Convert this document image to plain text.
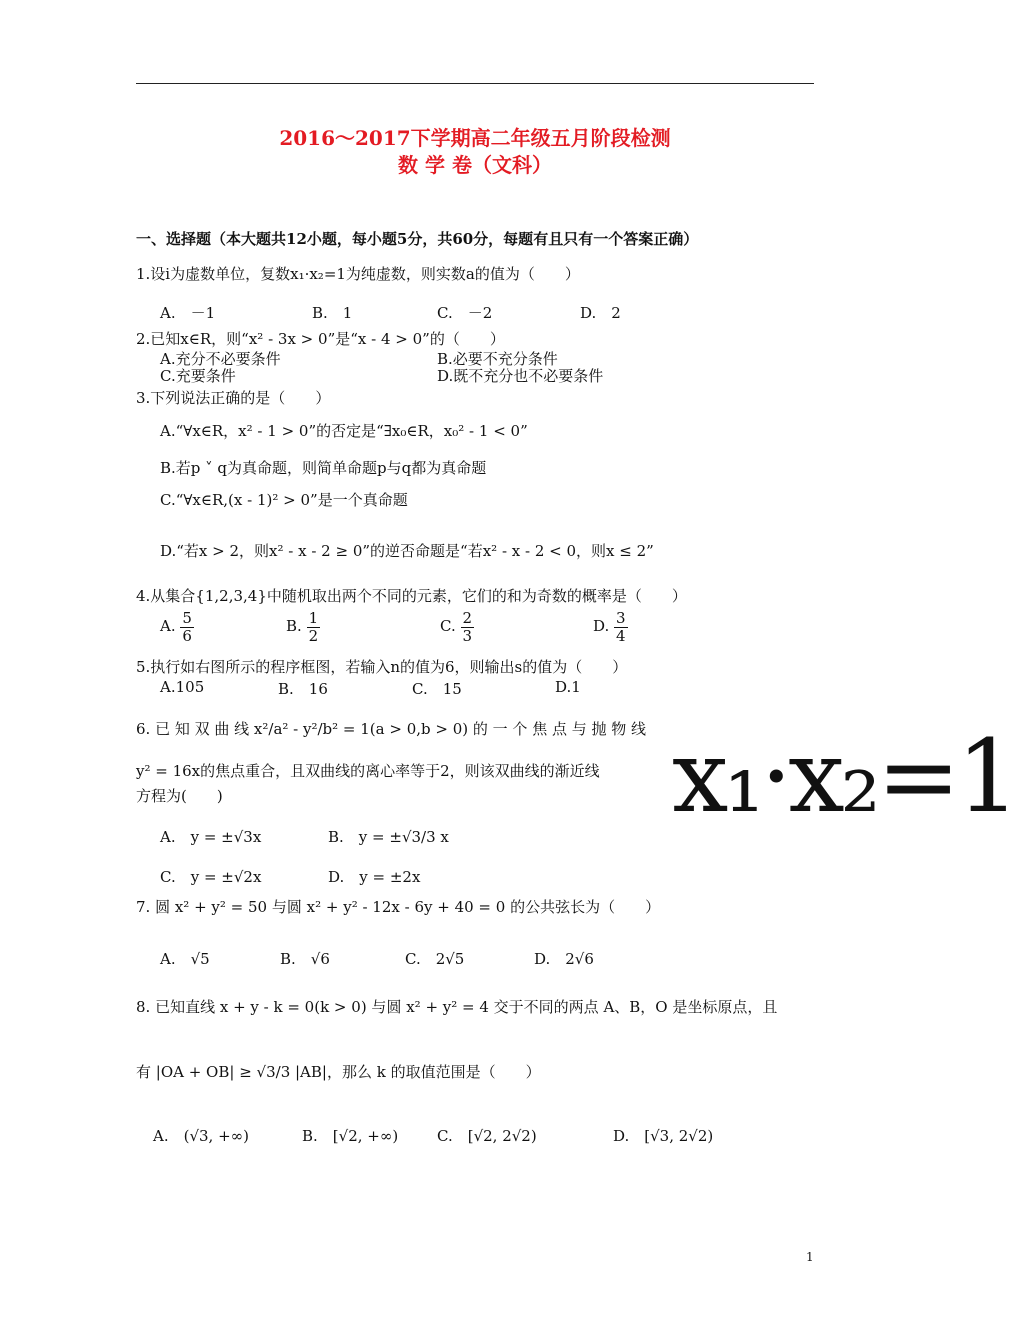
2016～2017下学期高二年级五月阶段检测
数 学 卷（文科）
一、选择题（本大题共12小题，每小题5分，共60分，每题有且只有一个答案正确）
1.设i为虚数单位，复数x₁·x₂=1为纯虚数，则实数a的值为（　　）
A.　－1	B.　1	C.　－2	D.　2
2.已知x∈R，则“x² - 3x > 0”是“x - 4 > 0”的（　　）
A.充分不必要条件	B.必要不充分条件
C.充要条件	D.既不充分也不必要条件
3.下列说法正确的是（　　）
A.“∀x∈R，x² - 1 > 0”的否定是“∃x₀∈R，x₀² - 1 < 0”
B.若p ˅ q为真命题，则简单命题p与q都为真命题
C.“∀x∈R,(x - 1)² > 0”是一个真命题
D.“若x > 2，则x² - x - 2 ≥ 0”的逆否命题是“若x² - x - 2 < 0，则x ≤ 2”
4.从集合{1,2,3,4}中随机取出两个不同的元素，它们的和为奇数的概率是（　　）
A. $\frac{5}{6}$	B. $\frac{1}{2}$	C. $\frac{2}{3}$	D. $\frac{3}{4}$
5.执行如右图所示的程序框图，若输入n的值为6，则输出s的值为（　　）
A.105	B.　16	C.　15	D.1
6. 已 知 双 曲 线 x²/a² - y²/b² = 1(a > 0,b > 0) 的 一 个 焦 点 与 抛 物 线
y² = 16x的焦点重合，且双曲线的离心率等于2，则该双曲线的渐近线
方程为(　　)
A.　y = ±√3x	B.　y = ±√3/3 x
C.　y = ±√2x	D.　y = ±2x
x₁·x₂=1
7. 圆 x² + y² = 50 与圆 x² + y² - 12x - 6y + 40 = 0 的公共弦长为（　　）
A.　√5	B.　√6	C.　2√5	D.　2√6
8. 已知直线 x + y - k = 0(k > 0) 与圆 x² + y² = 4 交于不同的两点 A、B，O 是坐标原点，且
有 |OA + OB| ≥ √3/3 |AB|，那么 k 的取值范围是（　　）
A.　(√3, +∞)	B.　[√2, +∞)	C.　[√2, 2√2)	D.　[√3, 2√2)
1
